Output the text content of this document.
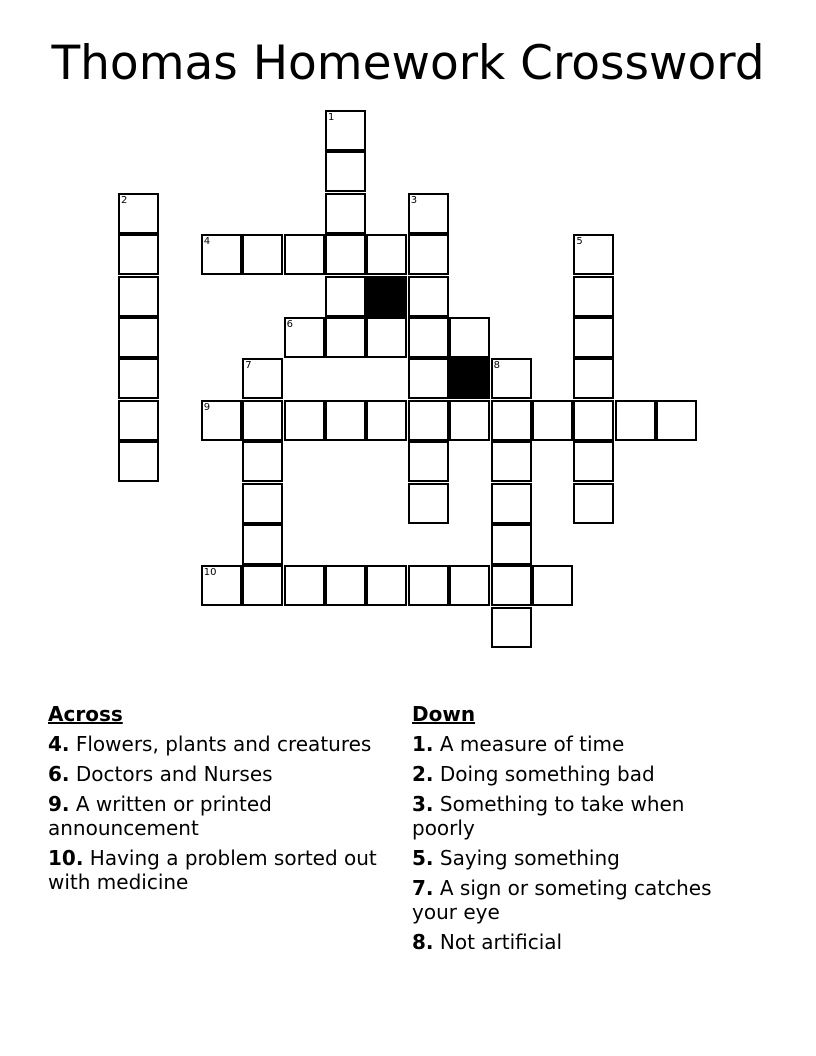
Thomas Homework Crossword
1
3
2
4	5
6
7	8
9
10
Across
4. Flowers, plants and creatures
6. Doctors and Nurses
9. A written or printed announcement
10. Having a problem sorted out with medicine
Down
1. A measure of time
2. Doing something bad
3. Something to take when poorly
5. Saying something
7. A sign or someting catches your eye
8. Not artificial
